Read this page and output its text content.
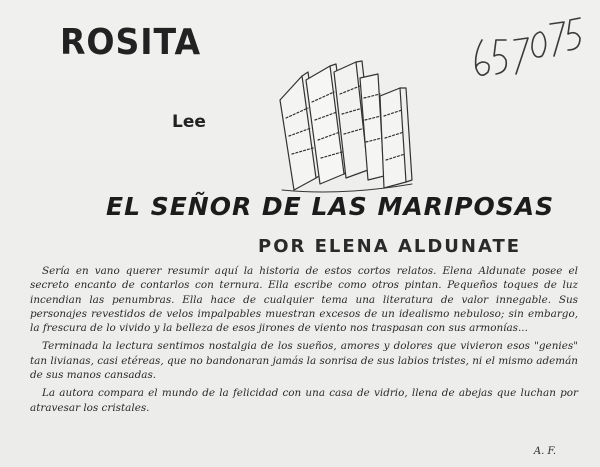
ROSITA
Lee
EL SEÑOR DE LAS MARIPOSAS
POR ELENA ALDUNATE

Sería en vano querer resumir aquí la historia de estos cortos relatos. Elena Aldunate posee el secreto encanto de contarlos con ternura. Ella escribe como otros pintan. Pequeños toques de luz incendian las penumbras. Ella hace de cualquier tema una literatura de valor innegable. Sus personajes revestidos de velos impalpables muestran excesos de un idealismo nebuloso; sin embargo, la frescura de lo vivido y la belleza de esos jirones de viento nos traspasan con sus armonías...

Terminada la lectura sentimos nostalgia de los sueños, amores y dolores que vivieron esos "genies" tan livianas, casi etéreas, que no bandonaran jamás la sonrisa de sus labios tristes, ni el mismo ademán de sus manos cansadas.

La autora compara el mundo de la felicidad con una casa de vidrio, llena de abejas que luchan por atravesar los cristales.

A. F.
